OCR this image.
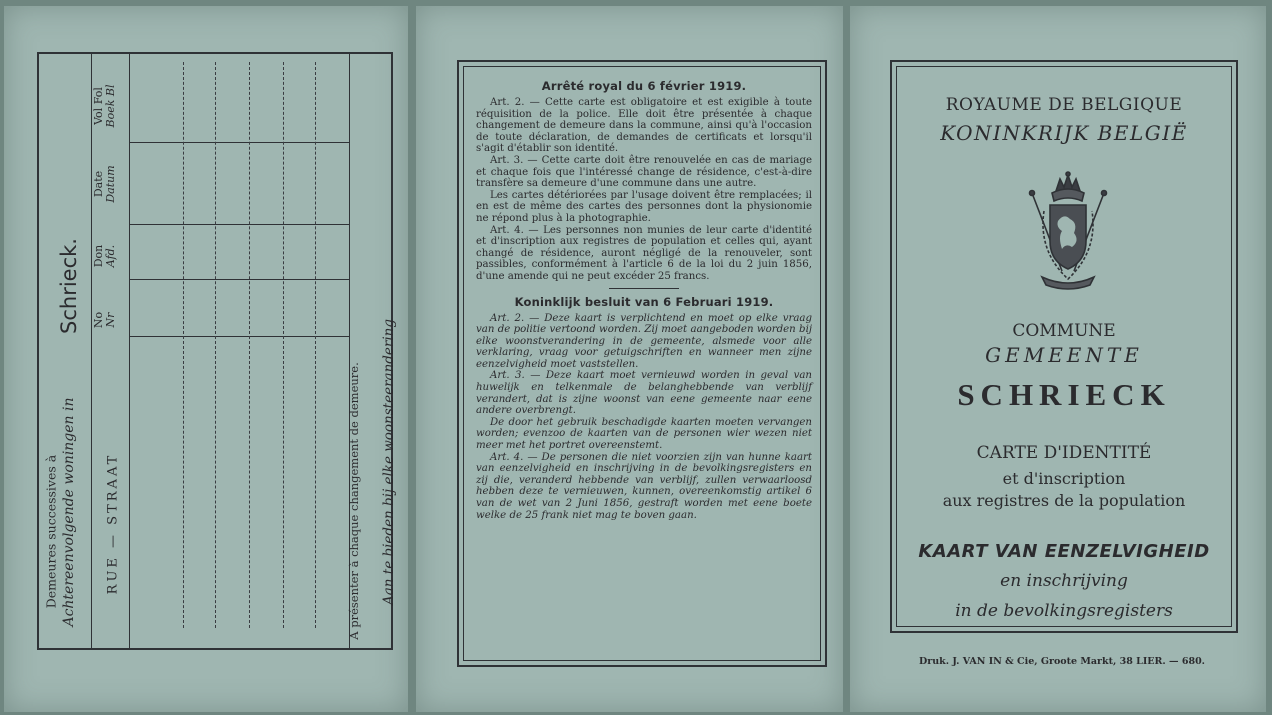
Demeures successives à Achtereenvolgende woningen in
Schrieck.
RUE — STRAAT
No
Nr
Don
Afd.
Date
Datum
Vol Fol
Boek Bl
A présenter à chaque changement de demeure. Aan te bieden bij elke woonsteerandering
Arrêté royal du 6 février 1919.

Art. 2. — Cette carte est obligatoire et est exigible à toute réquisition de la police. Elle doit être présentée à chaque changement de demeure dans la commune, ainsi qu'à l'occasion de toute déclaration, de demandes de certificats et lorsqu'il s'agit d'établir son identité.

Art. 3. — Cette carte doit être renouvelée en cas de mariage et chaque fois que l'intéressé change de résidence, c'est-à-dire transfère sa demeure d'une commune dans une autre.

Les cartes détériorées par l'usage doivent être remplacées; il en est de même des cartes des personnes dont la physionomie ne répond plus à la photographie.

Art. 4. — Les personnes non munies de leur carte d'identité et d'inscription aux registres de population et celles qui, ayant changé de résidence, auront négligé de la renouveler, sont passibles, conformément à l'article 6 de la loi du 2 juin 1856, d'une amende qui ne peut excéder 25 francs.

Koninklijk besluit van 6 Februari 1919.

Art. 2. — Deze kaart is verplichtend en moet op elke vraag van de politie vertoond worden. Zij moet aangeboden worden bij elke woonstverandering in de gemeente, alsmede voor alle verklaring, vraag voor getuigschriften en wanneer men zijne eenzelvigheid moet vaststellen.

Art. 3. — Deze kaart moet vernieuwd worden in geval van huwelijk en telkenmale de belanghebbende van verblijf verandert, dat is zijne woonst van eene gemeente naar eene andere overbrengt.

De door het gebruik beschadigde kaarten moeten vervangen worden; evenzoo de kaarten van de personen wier wezen niet meer met het portret overeenstemt.

Art. 4. — De personen die niet voorzien zijn van hunne kaart van eenzelvigheid en inschrijving in de bevolkingsregisters en zij die, veranderd hebbende van verblijf, zullen verwaarloosd hebben deze te vernieuwen, kunnen, overeenkomstig artikel 6 van de wet van 2 Juni 1856, gestraft worden met eene boete welke de 25 frank niet mag te boven gaan.

ROYAUME DE BELGIQUE
KONINKRIJK BELGIË
COMMUNE
GEMEENTE
SCHRIECK
CARTE D'IDENTITÉ
et d'inscription
aux registres de la population
KAART VAN EENZELVIGHEID
en inschrijving
in de bevolkingsregisters
Druk. J. VAN IN & Cie, Groote Markt, 38 LIER. — 680.
